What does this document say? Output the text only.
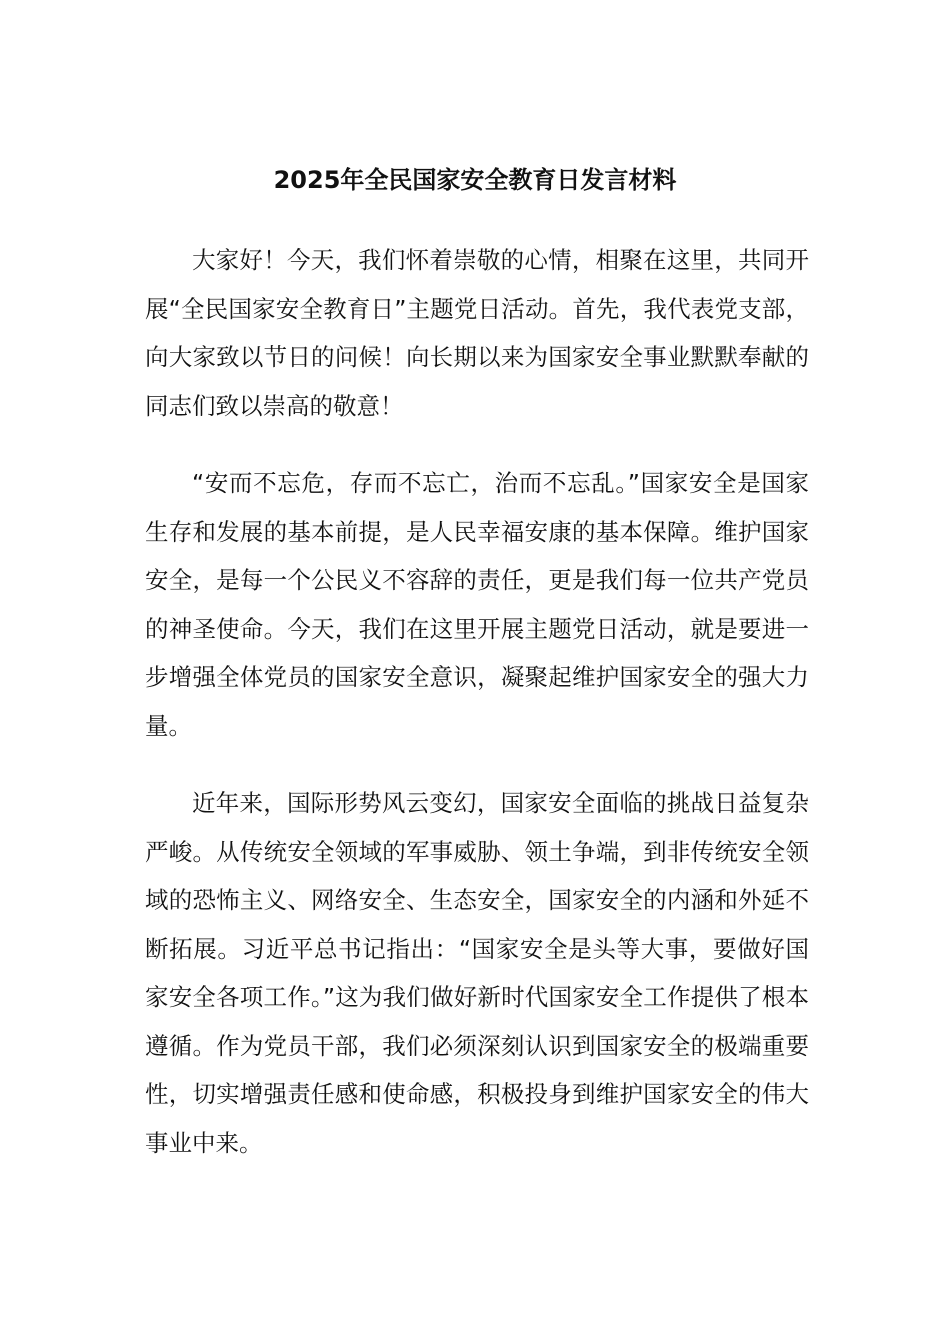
2025年全民国家安全教育日发言材料

大家好！今天，我们怀着崇敬的心情，相聚在这里，共同开展“全民国家安全教育日”主题党日活动。首先，我代表党支部，向大家致以节日的问候！向长期以来为国家安全事业默默奉献的同志们致以崇高的敬意！

“安而不忘危，存而不忘亡，治而不忘乱。”国家安全是国家生存和发展的基本前提，是人民幸福安康的基本保障。维护国家安全，是每一个公民义不容辞的责任，更是我们每一位共产党员的神圣使命。今天，我们在这里开展主题党日活动，就是要进一步增强全体党员的国家安全意识，凝聚起维护国家安全的强大力量。

近年来，国际形势风云变幻，国家安全面临的挑战日益复杂严峻。从传统安全领域的军事威胁、领土争端，到非传统安全领域的恐怖主义、网络安全、生态安全，国家安全的内涵和外延不断拓展。习近平总书记指出：“国家安全是头等大事，要做好国家安全各项工作。”这为我们做好新时代国家安全工作提供了根本遵循。作为党员干部，我们必须深刻认识到国家安全的极端重要性，切实增强责任感和使命感，积极投身到维护国家安全的伟大事业中来。
